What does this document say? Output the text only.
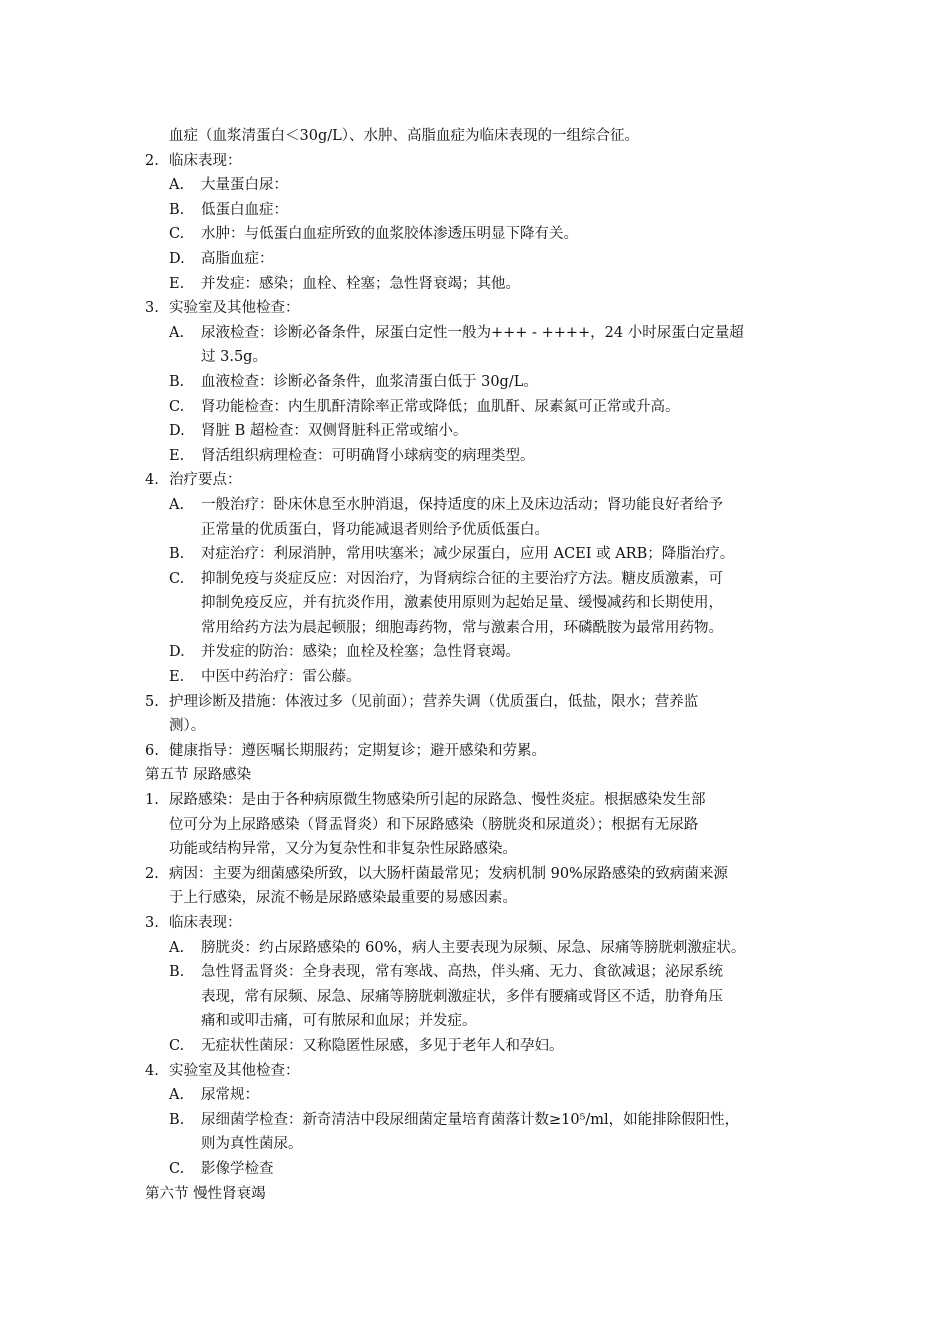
血症（血浆清蛋白＜30g/L）、水肿、高脂血症为临床表现的一组综合征。
2. 临床表现：
A. 大量蛋白尿：
B. 低蛋白血症：
C. 水肿：与低蛋白血症所致的血浆胶体渗透压明显下降有关。
D. 高脂血症：
E. 并发症：感染；血栓、栓塞；急性肾衰竭；其他。
3. 实验室及其他检查：
A. 尿液检查：诊断必备条件，尿蛋白定性一般为+++ - ++++，24 小时尿蛋白定量超
过 3.5g。
B. 血液检查：诊断必备条件，血浆清蛋白低于 30g/L。
C. 肾功能检查：内生肌酐清除率正常或降低；血肌酐、尿素氮可正常或升高。
D. 肾脏 B 超检查：双侧肾脏科正常或缩小。
E. 肾活组织病理检查：可明确肾小球病变的病理类型。
4. 治疗要点：
A. 一般治疗：卧床休息至水肿消退，保持适度的床上及床边活动；肾功能良好者给予
正常量的优质蛋白，肾功能减退者则给予优质低蛋白。
B. 对症治疗：利尿消肿，常用呋塞米；减少尿蛋白，应用 ACEI 或 ARB；降脂治疗。
C. 抑制免疫与炎症反应：对因治疗，为肾病综合征的主要治疗方法。糖皮质激素，可
抑制免疫反应，并有抗炎作用，激素使用原则为起始足量、缓慢减药和长期使用，
常用给药方法为晨起顿服；细胞毒药物，常与激素合用，环磷酰胺为最常用药物。
D. 并发症的防治：感染；血栓及栓塞；急性肾衰竭。
E. 中医中药治疗：雷公藤。
5. 护理诊断及措施：体液过多（见前面）；营养失调（优质蛋白，低盐，限水；营养监
测）。
6. 健康指导：遵医嘱长期服药；定期复诊；避开感染和劳累。
第五节 尿路感染
1. 尿路感染：是由于各种病原微生物感染所引起的尿路急、慢性炎症。根据感染发生部
位可分为上尿路感染（肾盂肾炎）和下尿路感染（膀胱炎和尿道炎）；根据有无尿路
功能或结构异常，又分为复杂性和非复杂性尿路感染。
2. 病因：主要为细菌感染所致，以大肠杆菌最常见；发病机制 90%尿路感染的致病菌来源
于上行感染，尿流不畅是尿路感染最重要的易感因素。
3. 临床表现：
A. 膀胱炎：约占尿路感染的 60%，病人主要表现为尿频、尿急、尿痛等膀胱刺激症状。
B. 急性肾盂肾炎：全身表现，常有寒战、高热，伴头痛、无力、食欲减退；泌尿系统
表现，常有尿频、尿急、尿痛等膀胱刺激症状，多伴有腰痛或肾区不适，肋脊角压
痛和或叩击痛，可有脓尿和血尿；并发症。
C. 无症状性菌尿：又称隐匿性尿感，多见于老年人和孕妇。
4. 实验室及其他检查：
A. 尿常规：
B. 尿细菌学检查：新奇清洁中段尿细菌定量培育菌落计数≥10⁵/ml，如能排除假阳性，
则为真性菌尿。
C. 影像学检查
第六节 慢性肾衰竭
